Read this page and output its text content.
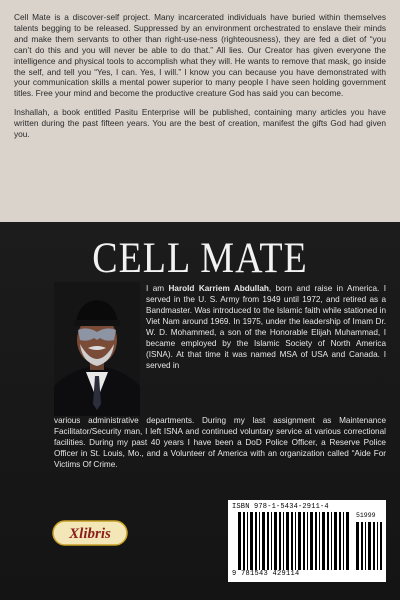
Cell Mate is a discover-self project. Many incarcerated individuals have buried within themselves talents begging to be released. Suppressed by an environment orchestrated to enslave their minds and make them servants to other than right-use-ness (righteousness), they are fed a diet of “you can’t do this and you will never be able to do that.” All lies. Our Creator has given everyone the intelligence and physical tools to accomplish what they will. He wants to remove that mask, go inside the self, and tell you “Yes, I can. Yes, I will.” I know you can because you have demonstrated with your communication skills a mental power superior to many people I have seen holding government titles. Free your mind and become the productive creature God has said you can become.

Inshallah, a book entitled Pasitu Enterprise will be published, containing many articles you have written during the past fifteen years. You are the best of creation, manifest the gifts God had given you.

CELL MATE
I am Harold Karriem Abdullah, born and raise in America. I served in the U. S. Army from 1949 until 1972, and retired as a Bandmaster. Was introduced to the Islamic faith while stationed in Viet Nam around 1969. In 1975, under the leadership of Imam Dr. W. D. Mohammed, a son of the Honorable Elijah Muhammad, I became employed by the Islamic Society of North America (ISNA). At that time it was named MSA of USA and Canada. I served in
various administrative departments. During my last assignment as Maintenance Facilitator/Security man, I left ISNA and continued voluntary service at various correctional facilities. During my past 40 years I have been a DoD Police Officer, a Reserve Police Officer in St. Louis, Mo., and a Volunteer of America with an organization called “Aide For Victims Of Crime.
Xlibris
ISBN 978-1-5434-2911-4
51999
9 781543 429114
